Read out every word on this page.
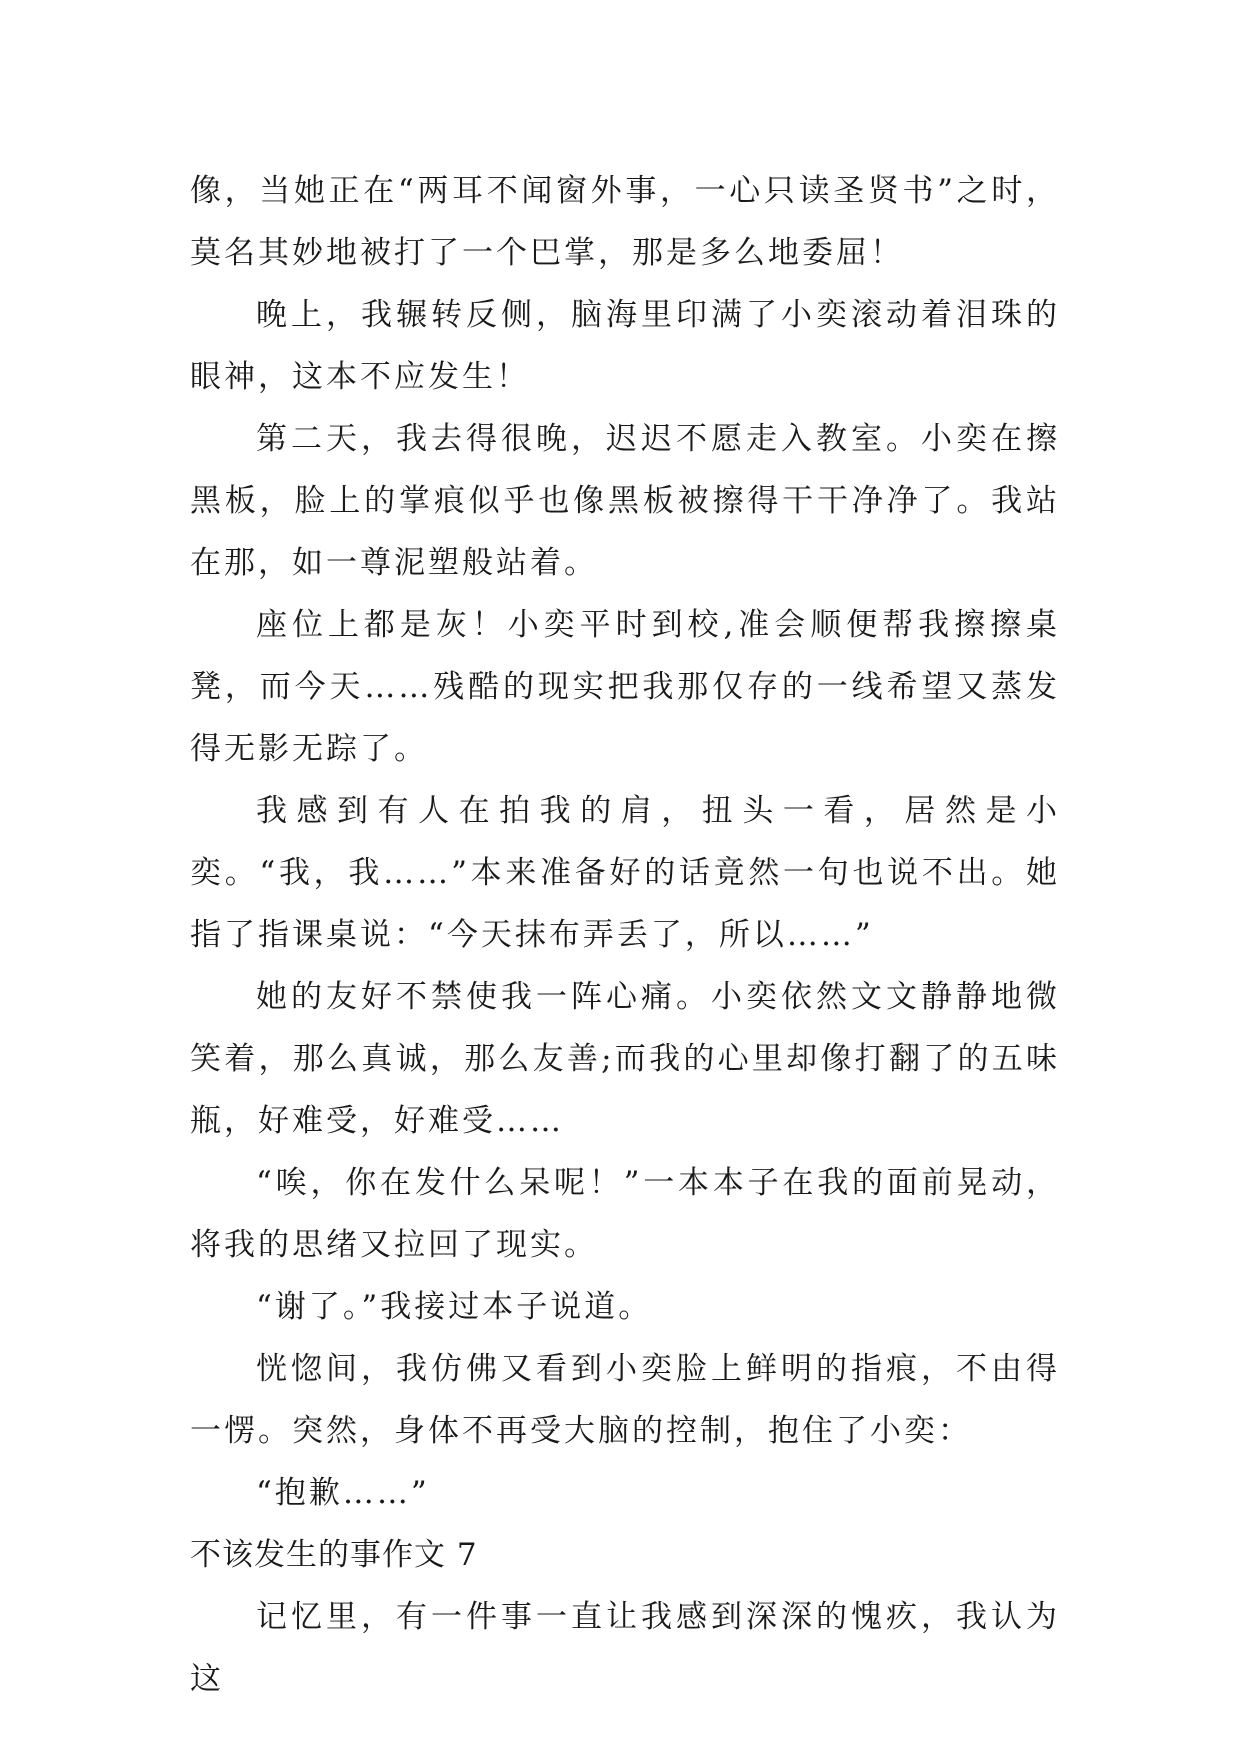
像，当她正在“两耳不闻窗外事，一心只读圣贤书”之时，莫名其妙地被打了一个巴掌，那是多么地委屈！

晚上，我辗转反侧，脑海里印满了小奕滚动着泪珠的眼神，这本不应发生！

第二天，我去得很晚，迟迟不愿走入教室。小奕在擦黑板，脸上的掌痕似乎也像黑板被擦得干干净净了。我站在那，如一尊泥塑般站着。

座位上都是灰！小奕平时到校,准会顺便帮我擦擦桌凳，而今天……残酷的现实把我那仅存的一线希望又蒸发得无影无踪了。

我感到有人在拍我的肩，扭头一看，居然是小奕。“我，我……”本来准备好的话竟然一句也说不出。她指了指课桌说：“今天抹布弄丢了，所以……”

她的友好不禁使我一阵心痛。小奕依然文文静静地微笑着，那么真诚，那么友善;而我的心里却像打翻了的五味瓶，好难受，好难受……

“唉，你在发什么呆呢！”一本本子在我的面前晃动，将我的思绪又拉回了现实。

“谢了。”我接过本子说道。

恍惚间，我仿佛又看到小奕脸上鲜明的指痕，不由得一愣。突然，身体不再受大脑的控制，抱住了小奕：

“抱歉……”

不该发生的事作文 7

记忆里，有一件事一直让我感到深深的愧疚，我认为这
